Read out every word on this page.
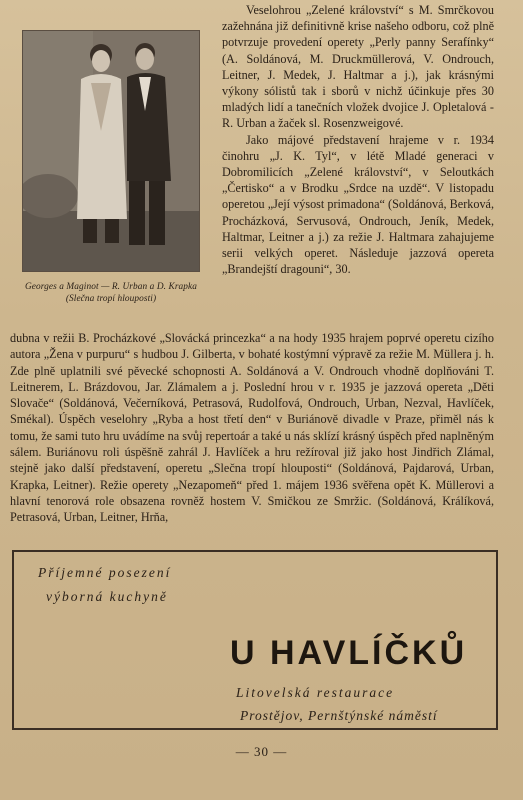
Georges a Maginot — R. Urban a D. Krapka (Slečna tropí hlouposti)

Veselohrou „Zelené království“ s M. Smrčkovou zažehnána již definitivně krise našeho odboru, což plně potvrzuje provedení operety „Perly panny Serafínky“ (A. Soldánová, M. Druckmüllerová, V. Ondrouch, Leitner, J. Medek, J. Haltmar a j.), jak krásnými výkony sólistů tak i sborů v nichž účinkuje přes 30 mladých lidí a tanečních vložek dvojice J. Opletalová - R. Urban a žaček sl. Rosenzweigové.

Jako májové představení hrajeme v r. 1934 činohru „J. K. Tyl“, v létě Mladé generaci v Dobromilicích „Zelené království“, v Seloutkách „Čertisko“ a v Brodku „Srdce na uzdě“. V listopadu operetou „Její výsost primadona“ (Soldánová, Berková, Procházková, Servusová, Ondrouch, Jeník, Medek, Haltmar, Leitner a j.) za režie J. Haltmara zahajujeme serii velkých operet. Následuje jazzová opereta „Brandejští dragouni“, 30.

dubna v režii B. Procházkové „Slovácká princezka“ a na hody 1935 hrajem poprvé operetu cizího autora „Žena v purpuru“ s hudbou J. Gilberta, v bohaté kostýmní výpravě za režie M. Müllera j. h. Zde plně uplatnili své pěvecké schopnosti A. Soldánová a V. Ondrouch vhodně doplňováni T. Leitnerem, L. Brázdovou, Jar. Zlámalem a j. Poslední hrou v r. 1935 je jazzová opereta „Děti Slovače“ (Soldánová, Večerníková, Petrasová, Rudolfová, Ondrouch, Urban, Nezval, Havlíček, Smékal). Úspěch veselohry „Ryba a host třetí den“ v Buriánově divadle v Praze, přiměl nás k tomu, že sami tuto hru uvádíme na svůj repertoár a také u nás sklízí krásný úspěch před naplněným sálem. Buriánovu roli úspěšně zahrál J. Havlíček a hru režíroval již jako host Jindřich Zlámal, stejně jako další představení, operetu „Slečna tropí hlouposti“ (Soldánová, Pajdarová, Urban, Krapka, Leitner). Režie operety „Nezapomeň“ před 1. májem 1936 svěřena opět K. Müllerovi a hlavní tenorová role obsazena rovněž hostem V. Smičkou ze Smržic. (Soldánová, Králíková, Petrasová, Urban, Leitner, Hrňa,

Příjemné posezení
výborná kuchyně
U HAVLÍČKŮ
Litovelská restaurace
Prostějov, Pernštýnské náměstí
— 30 —
